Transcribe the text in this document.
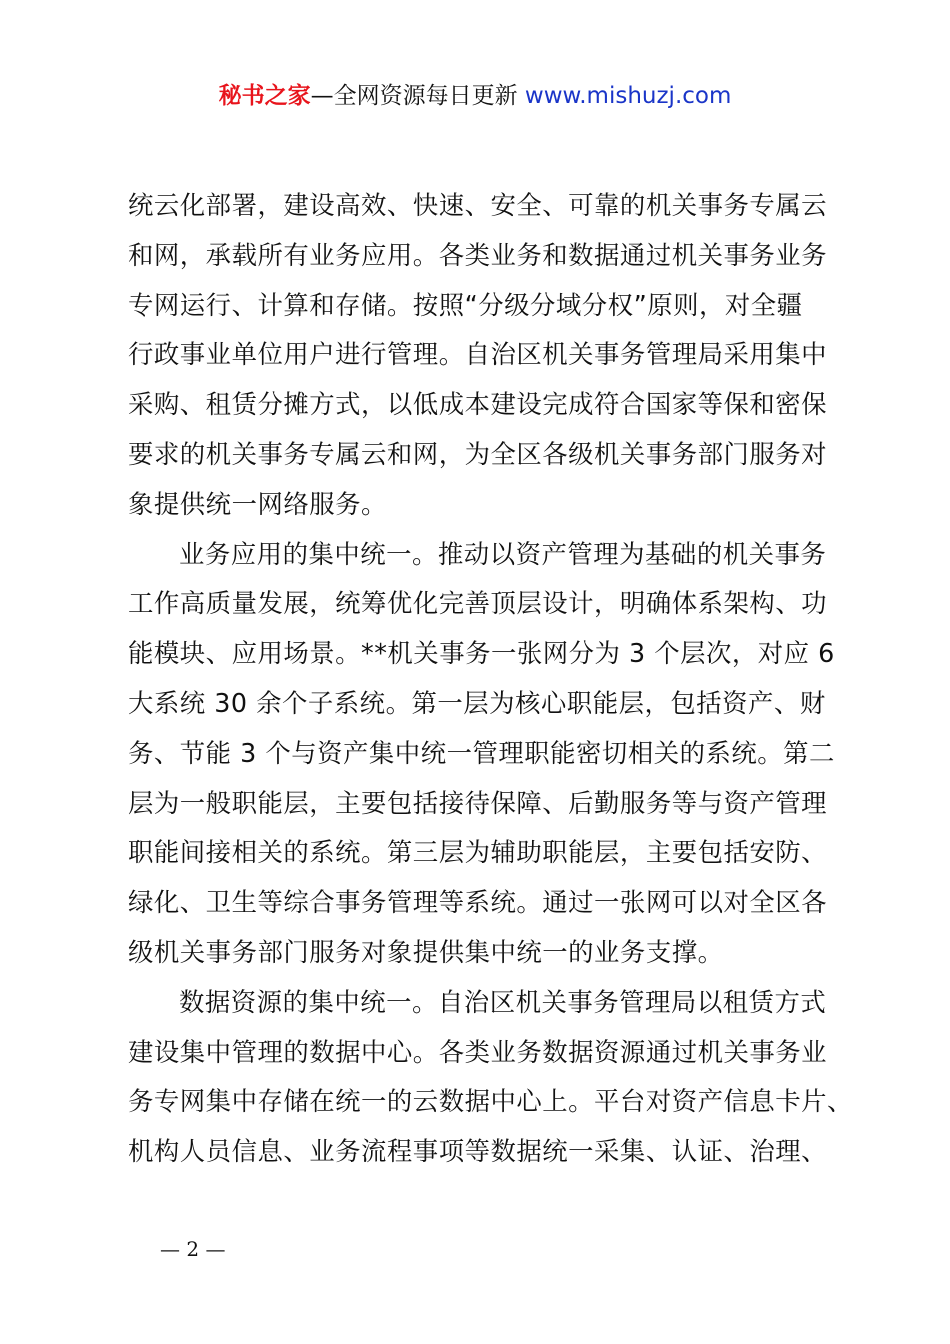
秘书之家—全网资源每日更新 www.mishuzj.com
统云化部署，建设高效、快速、安全、可靠的机关事务专属云
和网，承载所有业务应用。各类业务和数据通过机关事务业务
专网运行、计算和存储。按照“分级分域分权”原则，对全疆
行政事业单位用户进行管理。自治区机关事务管理局采用集中
采购、租赁分摊方式，以低成本建设完成符合国家等保和密保
要求的机关事务专属云和网，为全区各级机关事务部门服务对
象提供统一网络服务。
业务应用的集中统一。推动以资产管理为基础的机关事务
工作高质量发展，统筹优化完善顶层设计，明确体系架构、功
能模块、应用场景。**机关事务一张网分为 3 个层次，对应 6
大系统 30 余个子系统。第一层为核心职能层，包括资产、财
务、节能 3 个与资产集中统一管理职能密切相关的系统。第二
层为一般职能层，主要包括接待保障、后勤服务等与资产管理
职能间接相关的系统。第三层为辅助职能层，主要包括安防、
绿化、卫生等综合事务管理等系统。通过一张网可以对全区各
级机关事务部门服务对象提供集中统一的业务支撑。
数据资源的集中统一。自治区机关事务管理局以租赁方式
建设集中管理的数据中心。各类业务数据资源通过机关事务业
务专网集中存储在统一的云数据中心上。平台对资产信息卡片、
机构人员信息、业务流程事项等数据统一采集、认证、治理、
— 2 —
